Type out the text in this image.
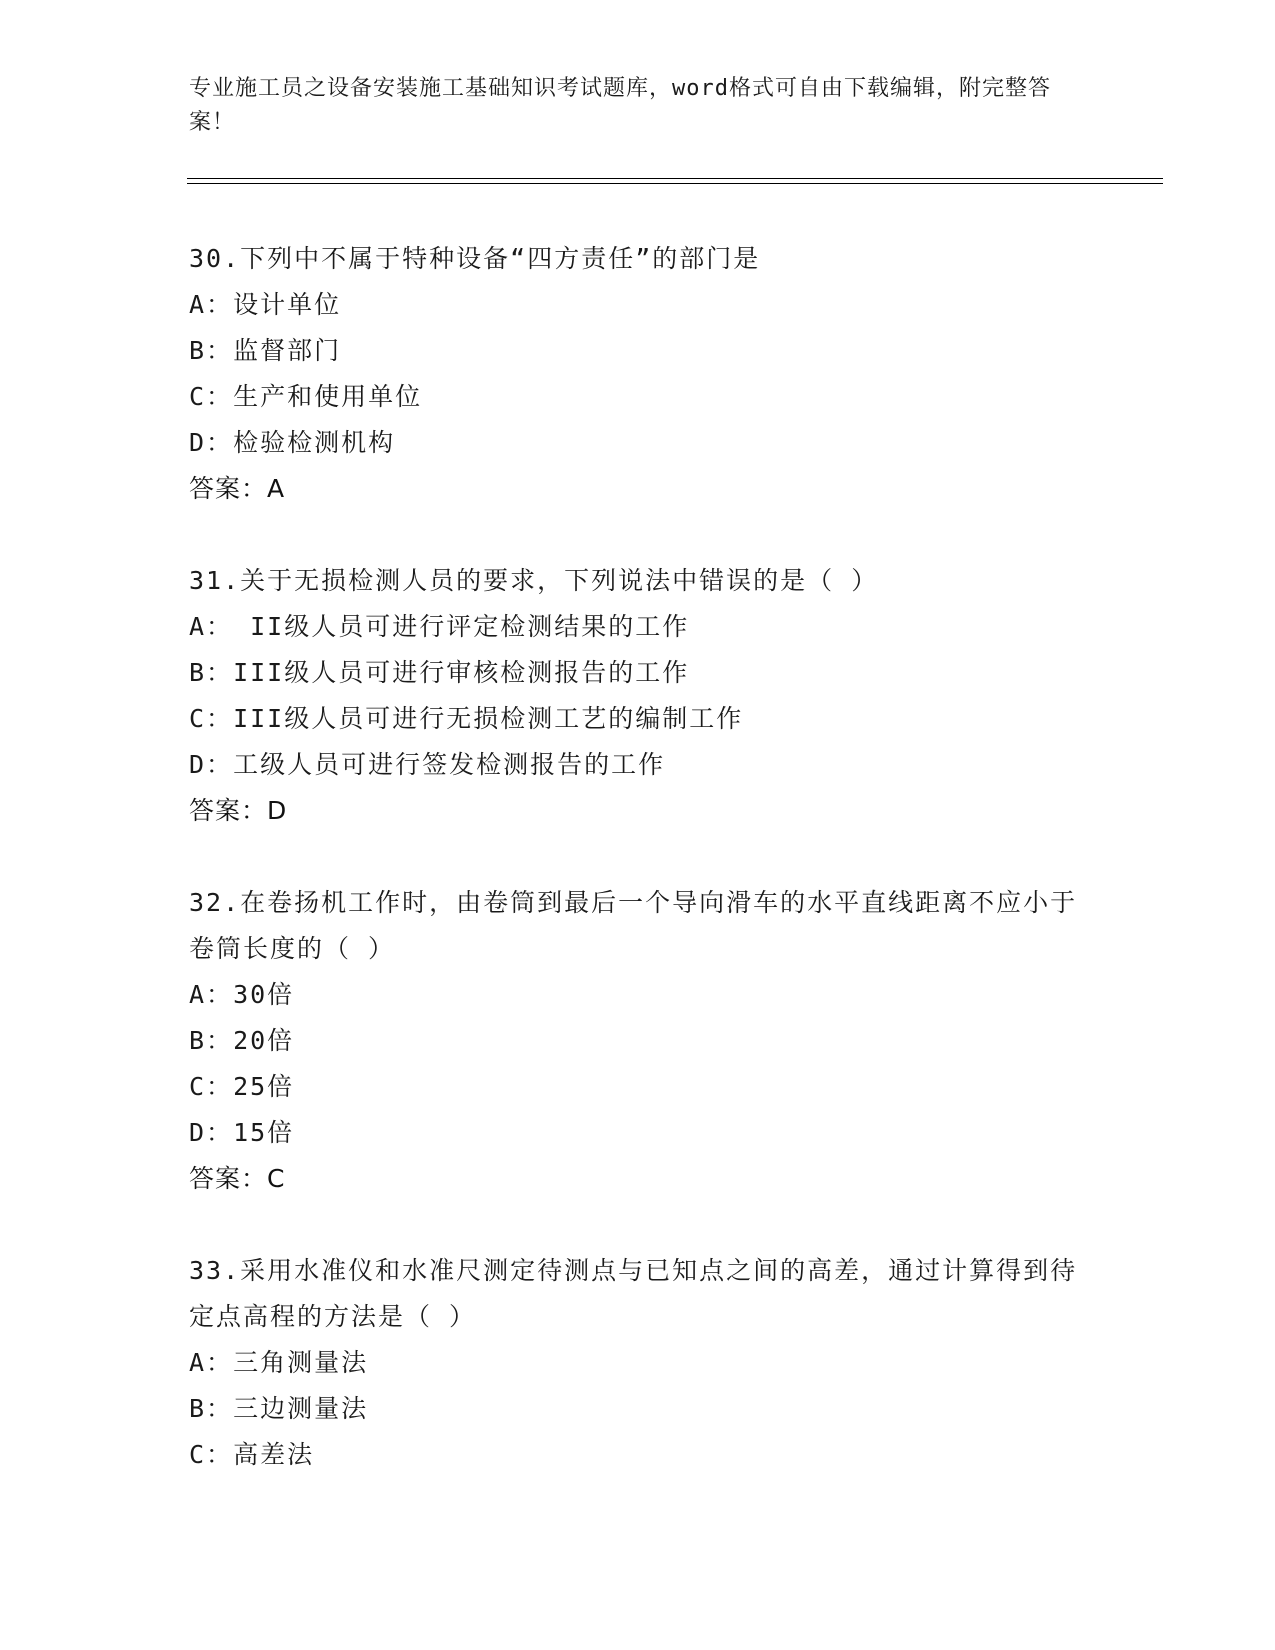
专业施工员之设备安装施工基础知识考试题库，word格式可自由下载编辑，附完整答案！
30.下列中不属于特种设备“四方责任”的部门是
A：设计单位
B：监督部门
C：生产和使用单位
D：检验检测机构
答案：A
31.关于无损检测人员的要求，下列说法中错误的是（ ）
A： II级人员可进行评定检测结果的工作
B：III级人员可进行审核检测报告的工作
C：III级人员可进行无损检测工艺的编制工作
D：工级人员可进行签发检测报告的工作
答案：D
32.在卷扬机工作时，由卷筒到最后一个导向滑车的水平直线距离不应小于卷筒长度的（ ）
A：30倍
B：20倍
C：25倍
D：15倍
答案：C
33.采用水准仪和水准尺测定待测点与已知点之间的高差，通过计算得到待定点高程的方法是（ ）
A：三角测量法
B：三边测量法
C：高差法
